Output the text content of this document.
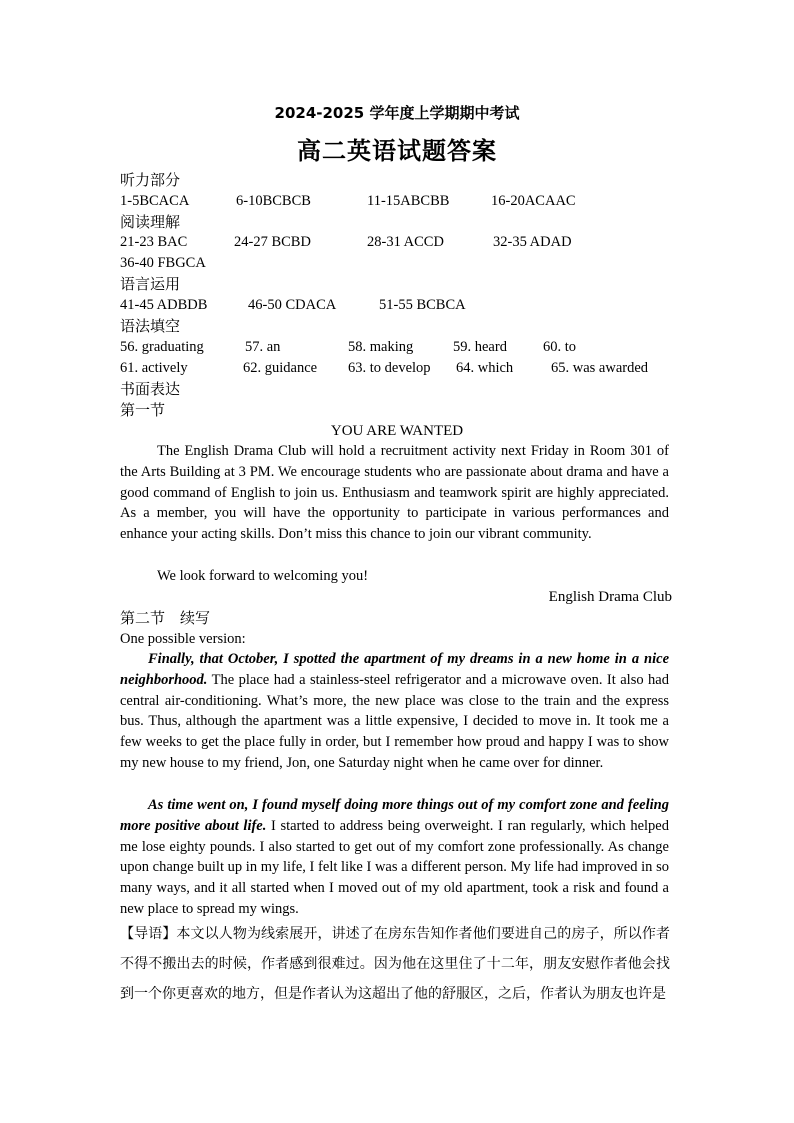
2024-2025 学年度上学期期中考试
高二英语试题答案
听力部分
1-5BCACA	6-10BCBCB	11-15ABCBB	16-20ACAAC
阅读理解
21-23 BAC	24-27 BCBD	28-31 ACCD	32-35 ADAD
36-40 FBGCA
语言运用
41-45 ADBDB	46-50 CDACA	51-55 BCBCA
语法填空
56. graduating	57. an	58. making	59. heard 60. to
61. actively	62. guidance 63. to develop 64. which	65. was awarded
书面表达
第一节
YOU ARE WANTED
The English Drama Club will hold a recruitment activity next Friday in Room 301 of the Arts Building at 3 PM. We encourage students who are passionate about drama and have a good command of English to join us. Enthusiasm and teamwork spirit are highly appreciated. As a member, you will have the opportunity to participate in various performances and enhance your acting skills. Don’t miss this chance to join our vibrant community.
We look forward to welcoming you!
English Drama Club
第二节　续写
One possible version:
Finally, that October, I spotted the apartment of my dreams in a new home in a nice neighborhood. The place had a stainless-steel refrigerator and a microwave oven. It also had central air-conditioning. What’s more, the new place was close to the train and the express bus. Thus, although the apartment was a little expensive, I decided to move in. It took me a few weeks to get the place fully in order, but I remember how proud and happy I was to show my new house to my friend, Jon, one Saturday night when he came over for dinner.
As time went on, I found myself doing more things out of my comfort zone and feeling more positive about life. I started to address being overweight. I ran regularly, which helped me lose eighty pounds. I also started to get out of my comfort zone professionally. As change upon change built up in my life, I felt like I was a different person. My life had improved in so many ways, and it all started when I moved out of my old apartment, took a risk and found a new place to spread my wings.
【导语】本文以人物为线索展开，讲述了在房东告知作者他们要进自己的房子，所以作者不得不搬出去的时候，作者感到很难过。因为他在这里住了十二年，朋友安慰作者他会找到一个你更喜欢的地方，但是作者认为这超出了他的舒服区，之后，作者认为朋友也许是
